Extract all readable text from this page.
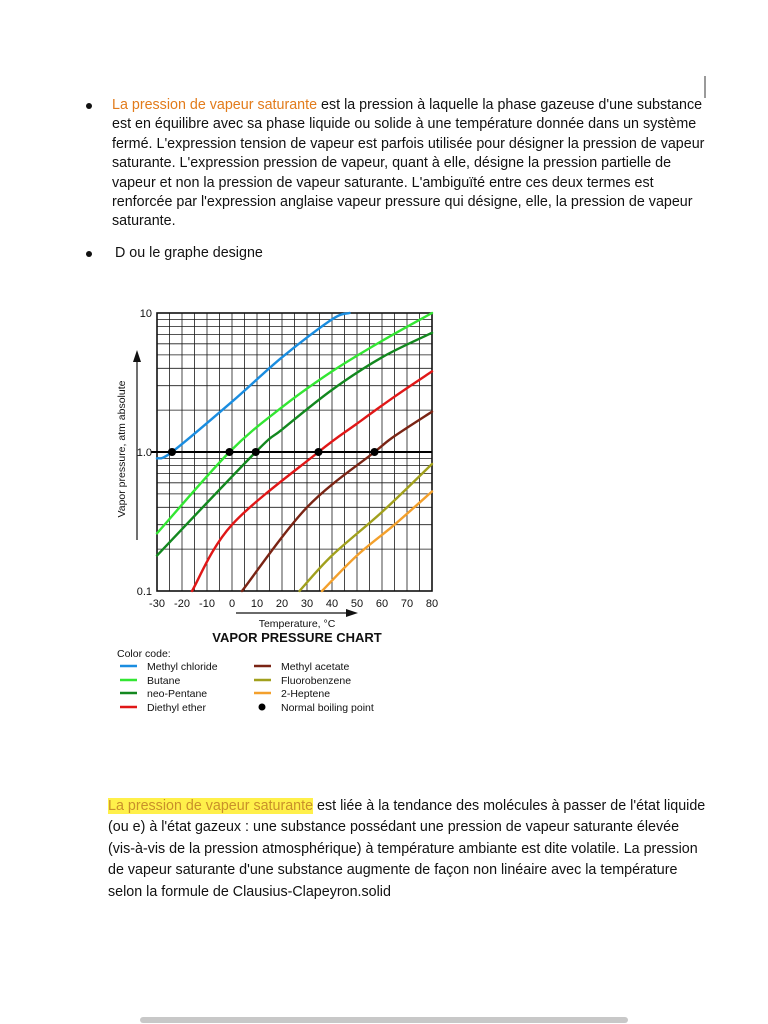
La pression de vapeur saturante est la pression à laquelle la phase gazeuse d'une substance est en équilibre avec sa phase liquide ou solide à une température donnée dans un système fermé. L'expression tension de vapeur est parfois utilisée pour désigner la pression de vapeur saturante. L'expression pression de vapeur, quant à elle, désigne la pression partielle de vapeur et non la pression de vapeur saturante. L'ambiguïté entre ces deux termes est renforcée par l'expression anglaise vapeur pressure qui désigne, elle, la pression de vapeur saturante.

D ou le graphe designe

10
1.0
0.1
-30 -20 -10 0 10 20 30 40 50 60 70 80
Vapor pressure, atm absolute
Temperature, °C
VAPOR PRESSURE CHART
Color code:
Methyl chloride
Butane
neo-Pentane
Diethyl ether
Methyl acetate
Fluorobenzene
2-Heptene
Normal boiling point

La pression de vapeur saturante est liée à la tendance des molécules à passer de l'état liquide (ou e) à l'état gazeux : une substance possédant une pression de vapeur saturante élevée (vis-à-vis de la pression atmosphérique) à température ambiante est dite volatile. La pression de vapeur saturante d'une substance augmente de façon non linéaire avec la température selon la formule de Clausius-Clapeyron.solid
